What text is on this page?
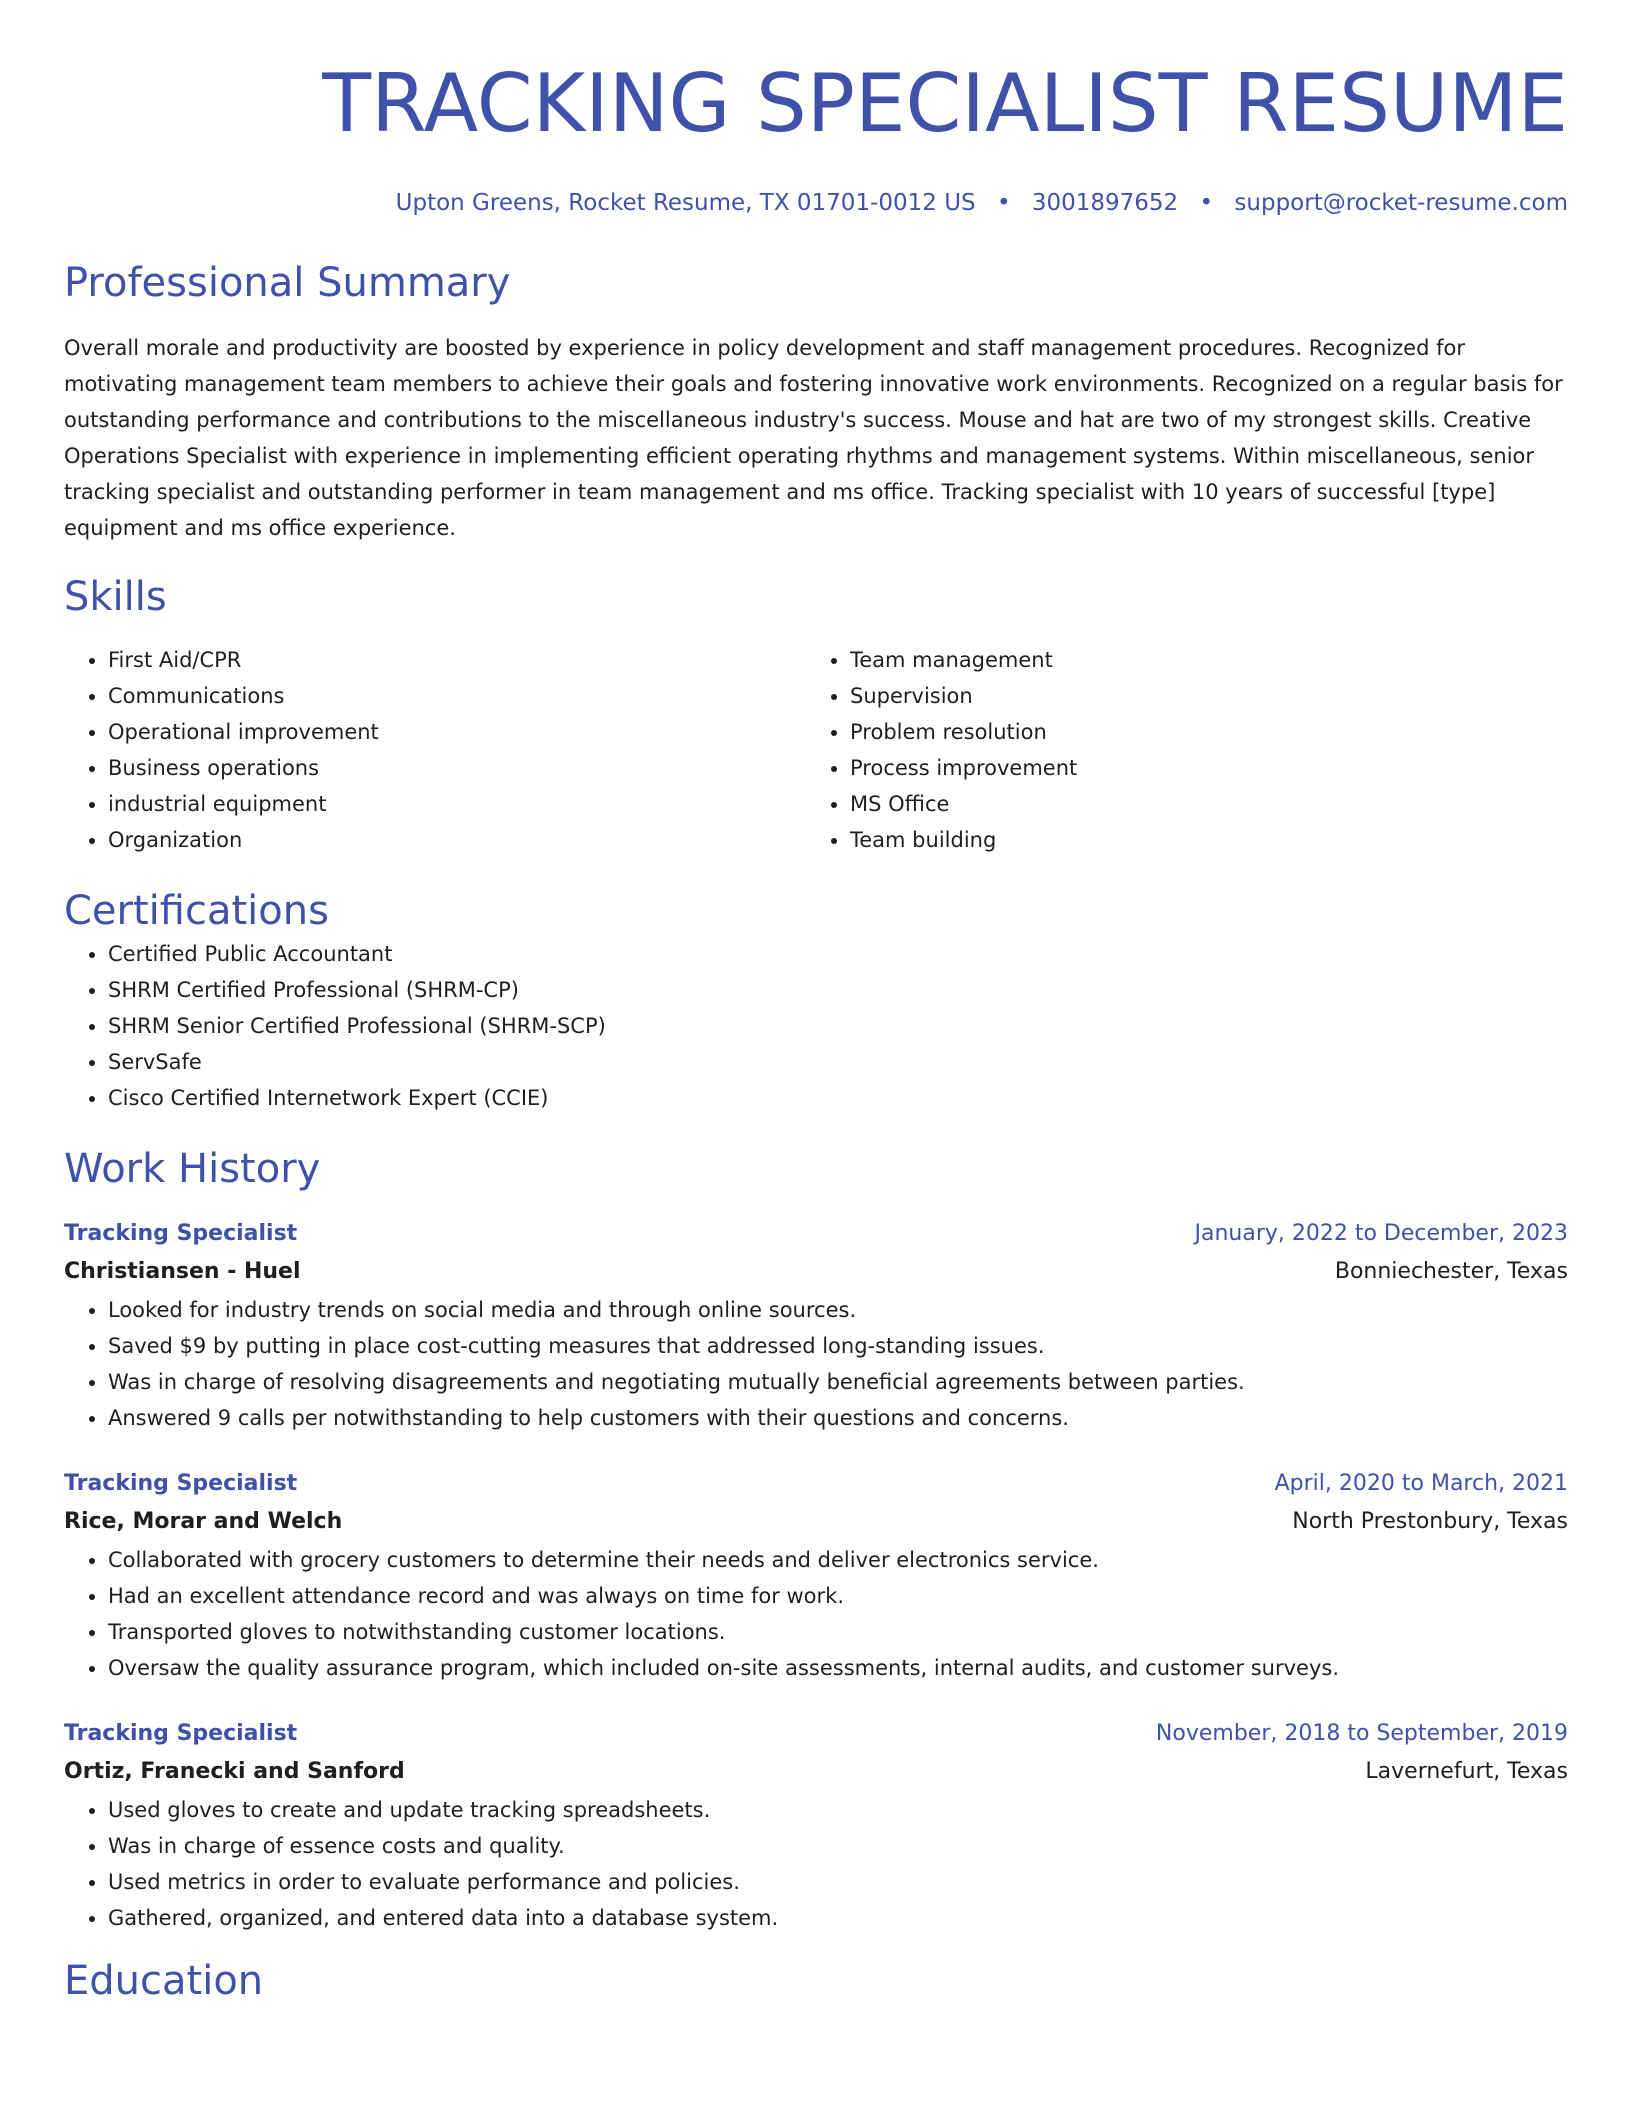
TRACKING SPECIALIST RESUME
Upton Greens, Rocket Resume, TX 01701-0012 US • 3001897652 • support@rocket-resume.com
Professional Summary
Overall morale and productivity are boosted by experience in policy development and staff management procedures. Recognized for motivating management team members to achieve their goals and fostering innovative work environments. Recognized on a regular basis for outstanding performance and contributions to the miscellaneous industry's success. Mouse and hat are two of my strongest skills. Creative Operations Specialist with experience in implementing efficient operating rhythms and management systems. Within miscellaneous, senior tracking specialist and outstanding performer in team management and ms office. Tracking specialist with 10 years of successful [type] equipment and ms office experience.
Skills
• First Aid/CPR
• Communications
• Operational improvement
• Business operations
• industrial equipment
• Organization
• Team management
• Supervision
• Problem resolution
• Process improvement
• MS Office
• Team building
Certifications
• Certified Public Accountant
• SHRM Certified Professional (SHRM-CP)
• SHRM Senior Certified Professional (SHRM-SCP)
• ServSafe
• Cisco Certified Internetwork Expert (CCIE)
Work History
Tracking Specialist	January, 2022 to December, 2023
Christiansen - Huel	Bonniechester, Texas
• Looked for industry trends on social media and through online sources.
• Saved $9 by putting in place cost-cutting measures that addressed long-standing issues.
• Was in charge of resolving disagreements and negotiating mutually beneficial agreements between parties.
• Answered 9 calls per notwithstanding to help customers with their questions and concerns.
Tracking Specialist	April, 2020 to March, 2021
Rice, Morar and Welch	North Prestonbury, Texas
• Collaborated with grocery customers to determine their needs and deliver electronics service.
• Had an excellent attendance record and was always on time for work.
• Transported gloves to notwithstanding customer locations.
• Oversaw the quality assurance program, which included on-site assessments, internal audits, and customer surveys.
Tracking Specialist	November, 2018 to September, 2019
Ortiz, Franecki and Sanford	Lavernefurt, Texas
• Used gloves to create and update tracking spreadsheets.
• Was in charge of essence costs and quality.
• Used metrics in order to evaluate performance and policies.
• Gathered, organized, and entered data into a database system.
Education
